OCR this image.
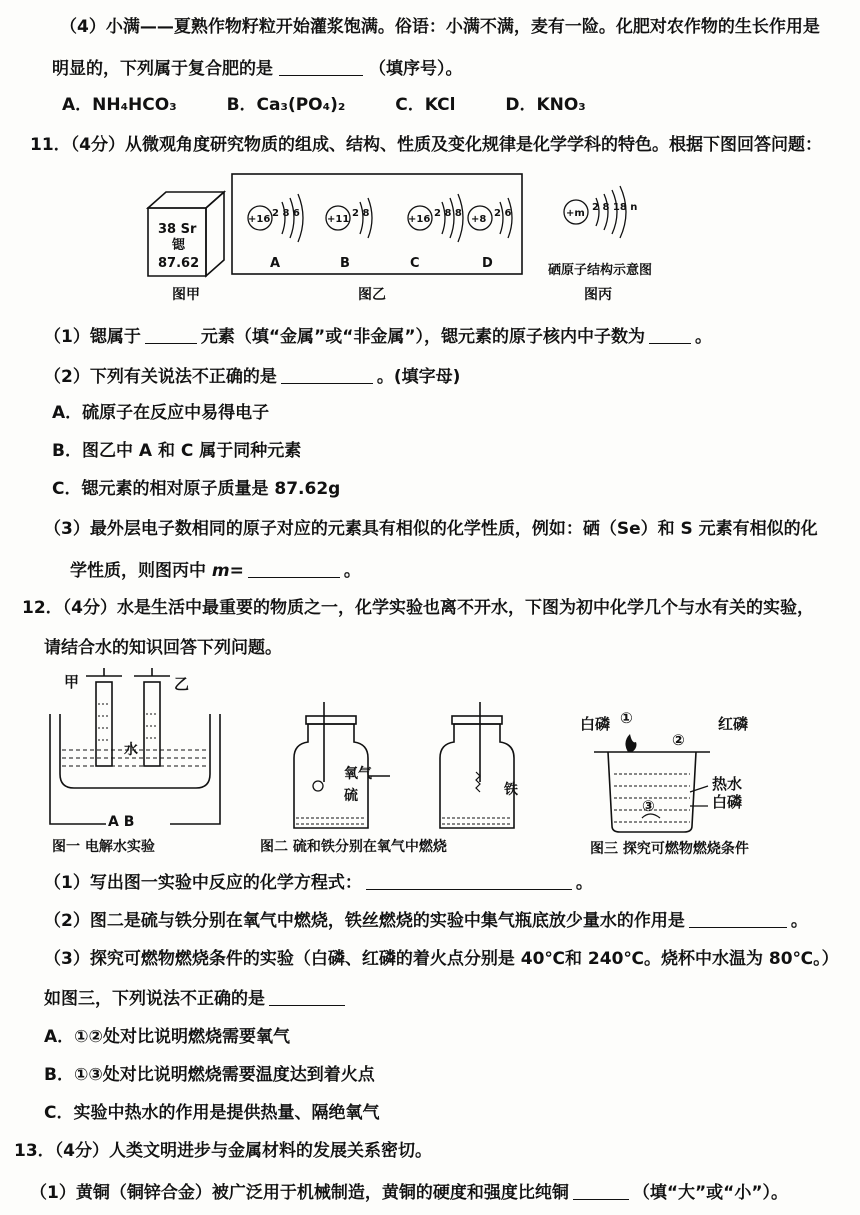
（4）小满——夏熟作物籽粒开始灌浆饱满。俗语：小满不满，麦有一险。化肥对农作物的生长作用是
明显的，下列属于复合肥的是	（填序号）。
A．NH₄HCO₃	B．Ca₃(PO₄)₂	C．KCl	D．KNO₃
11．（4分）从微观角度研究物质的组成、结构、性质及变化规律是化学学科的特色。根据下图回答问题：
38 Sr
锶
87.62
图甲
+16
2 8 6
A
+11
2 8
B
+16
2 8 8
C
+8
2 6
D
图乙
+m
2 8 18 n
硒原子结构示意图
图丙
（1）锶属于	元素（填“金属”或“非金属”），锶元素的原子核内中子数为	。
（2）下列有关说法不正确的是	。(填字母)
A．硫原子在反应中易得电子
B．图乙中 A 和 C 属于同种元素
C．锶元素的相对原子质量是 87.62g
（3）最外层电子数相同的原子对应的元素具有相似的化学性质，例如：硒（Se）和 S 元素有相似的化
学性质，则图丙中 m=	。
12．（4分）水是生活中最重要的物质之一，化学实验也离不开水，下图为初中化学几个与水有关的实验，
请结合水的知识回答下列问题。
甲	乙
水
A B
图一 电解水实验
氧气
硫	铁
图二 硫和铁分别在氧气中燃烧
白磷 ①
②
红磷
热水
白磷
③
图三 探究可燃物燃烧条件
（1）写出图一实验中反应的化学方程式：	。
（2）图二是硫与铁分别在氧气中燃烧，铁丝燃烧的实验中集气瓶底放少量水的作用是	。
（3）探究可燃物燃烧条件的实验（白磷、红磷的着火点分别是 40℃和 240℃。烧杯中水温为 80℃。）
如图三，下列说法不正确的是
A．①②处对比说明燃烧需要氧气
B．①③处对比说明燃烧需要温度达到着火点
C．实验中热水的作用是提供热量、隔绝氧气
13．（4分）人类文明进步与金属材料的发展关系密切。
（1）黄铜（铜锌合金）被广泛用于机械制造，黄铜的硬度和强度比纯铜	（填“大”或“小”）。
